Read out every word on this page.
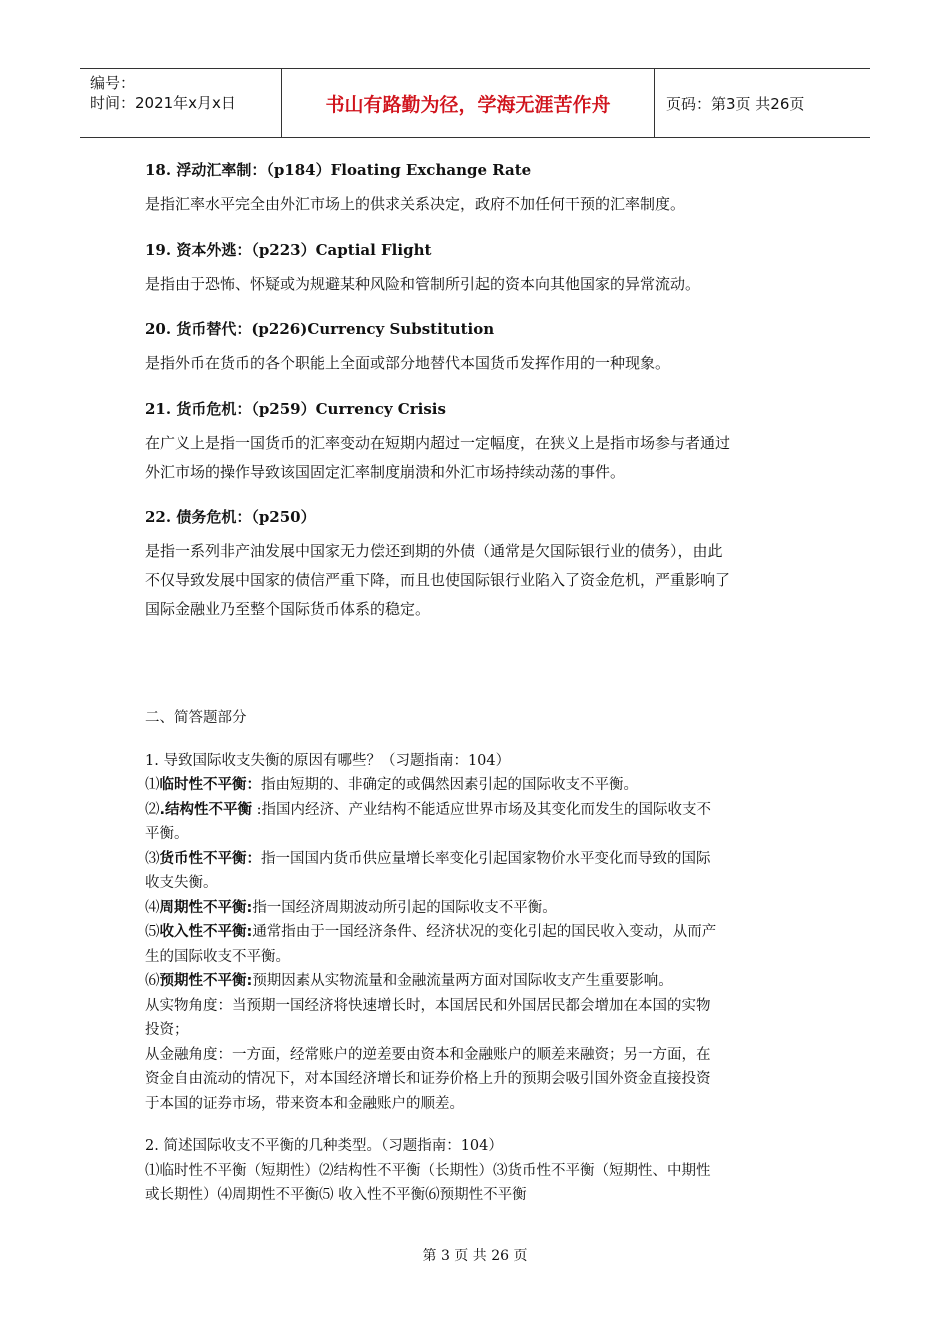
编号：
时间：2021年x月x日	书山有路勤为径，学海无涯苦作舟	页码：第3页 共26页
18. 浮动汇率制：（p184）Floating Exchange Rate

是指汇率水平完全由外汇市场上的供求关系决定，政府不加任何干预的汇率制度。

19. 资本外逃：（p223）Captial Flight

是指由于恐怖、怀疑或为规避某种风险和管制所引起的资本向其他国家的异常流动。

20. 货币替代：(p226)Currency Substitution

是指外币在货币的各个职能上全面或部分地替代本国货币发挥作用的一种现象。

21. 货币危机：（p259）Currency Crisis

在广义上是指一国货币的汇率变动在短期内超过一定幅度，在狭义上是指市场参与者通过

外汇市场的操作导致该国固定汇率制度崩溃和外汇市场持续动荡的事件。

22. 债务危机：（p250）

是指一系列非产油发展中国家无力偿还到期的外债（通常是欠国际银行业的债务），由此

不仅导致发展中国家的债信严重下降，而且也使国际银行业陷入了资金危机，严重影响了

国际金融业乃至整个国际货币体系的稳定。

二、简答题部分

1. 导致国际收支失衡的原因有哪些？（习题指南：104）

⑴临时性不平衡：指由短期的、非确定的或偶然因素引起的国际收支不平衡。

⑵.结构性不平衡 :指国内经济、产业结构不能适应世界市场及其变化而发生的国际收支不

平衡。

⑶货币性不平衡：指一国国内货币供应量增长率变化引起国家物价水平变化而导致的国际

收支失衡。

⑷周期性不平衡:指一国经济周期波动所引起的国际收支不平衡。

⑸收入性不平衡:通常指由于一国经济条件、经济状况的变化引起的国民收入变动，从而产

生的国际收支不平衡。

⑹预期性不平衡:预期因素从实物流量和金融流量两方面对国际收支产生重要影响。

从实物角度：当预期一国经济将快速增长时，本国居民和外国居民都会增加在本国的实物

投资；

从金融角度：一方面，经常账户的逆差要由资本和金融账户的顺差来融资；另一方面，在

资金自由流动的情况下，对本国经济增长和证券价格上升的预期会吸引国外资金直接投资

于本国的证券市场，带来资本和金融账户的顺差。

2. 简述国际收支不平衡的几种类型。（习题指南：104）

⑴临时性不平衡（短期性）⑵结构性不平衡（长期性）⑶货币性不平衡（短期性、中期性

或长期性）⑷周期性不平衡⑸ 收入性不平衡⑹预期性不平衡

第 3 页 共 26 页
